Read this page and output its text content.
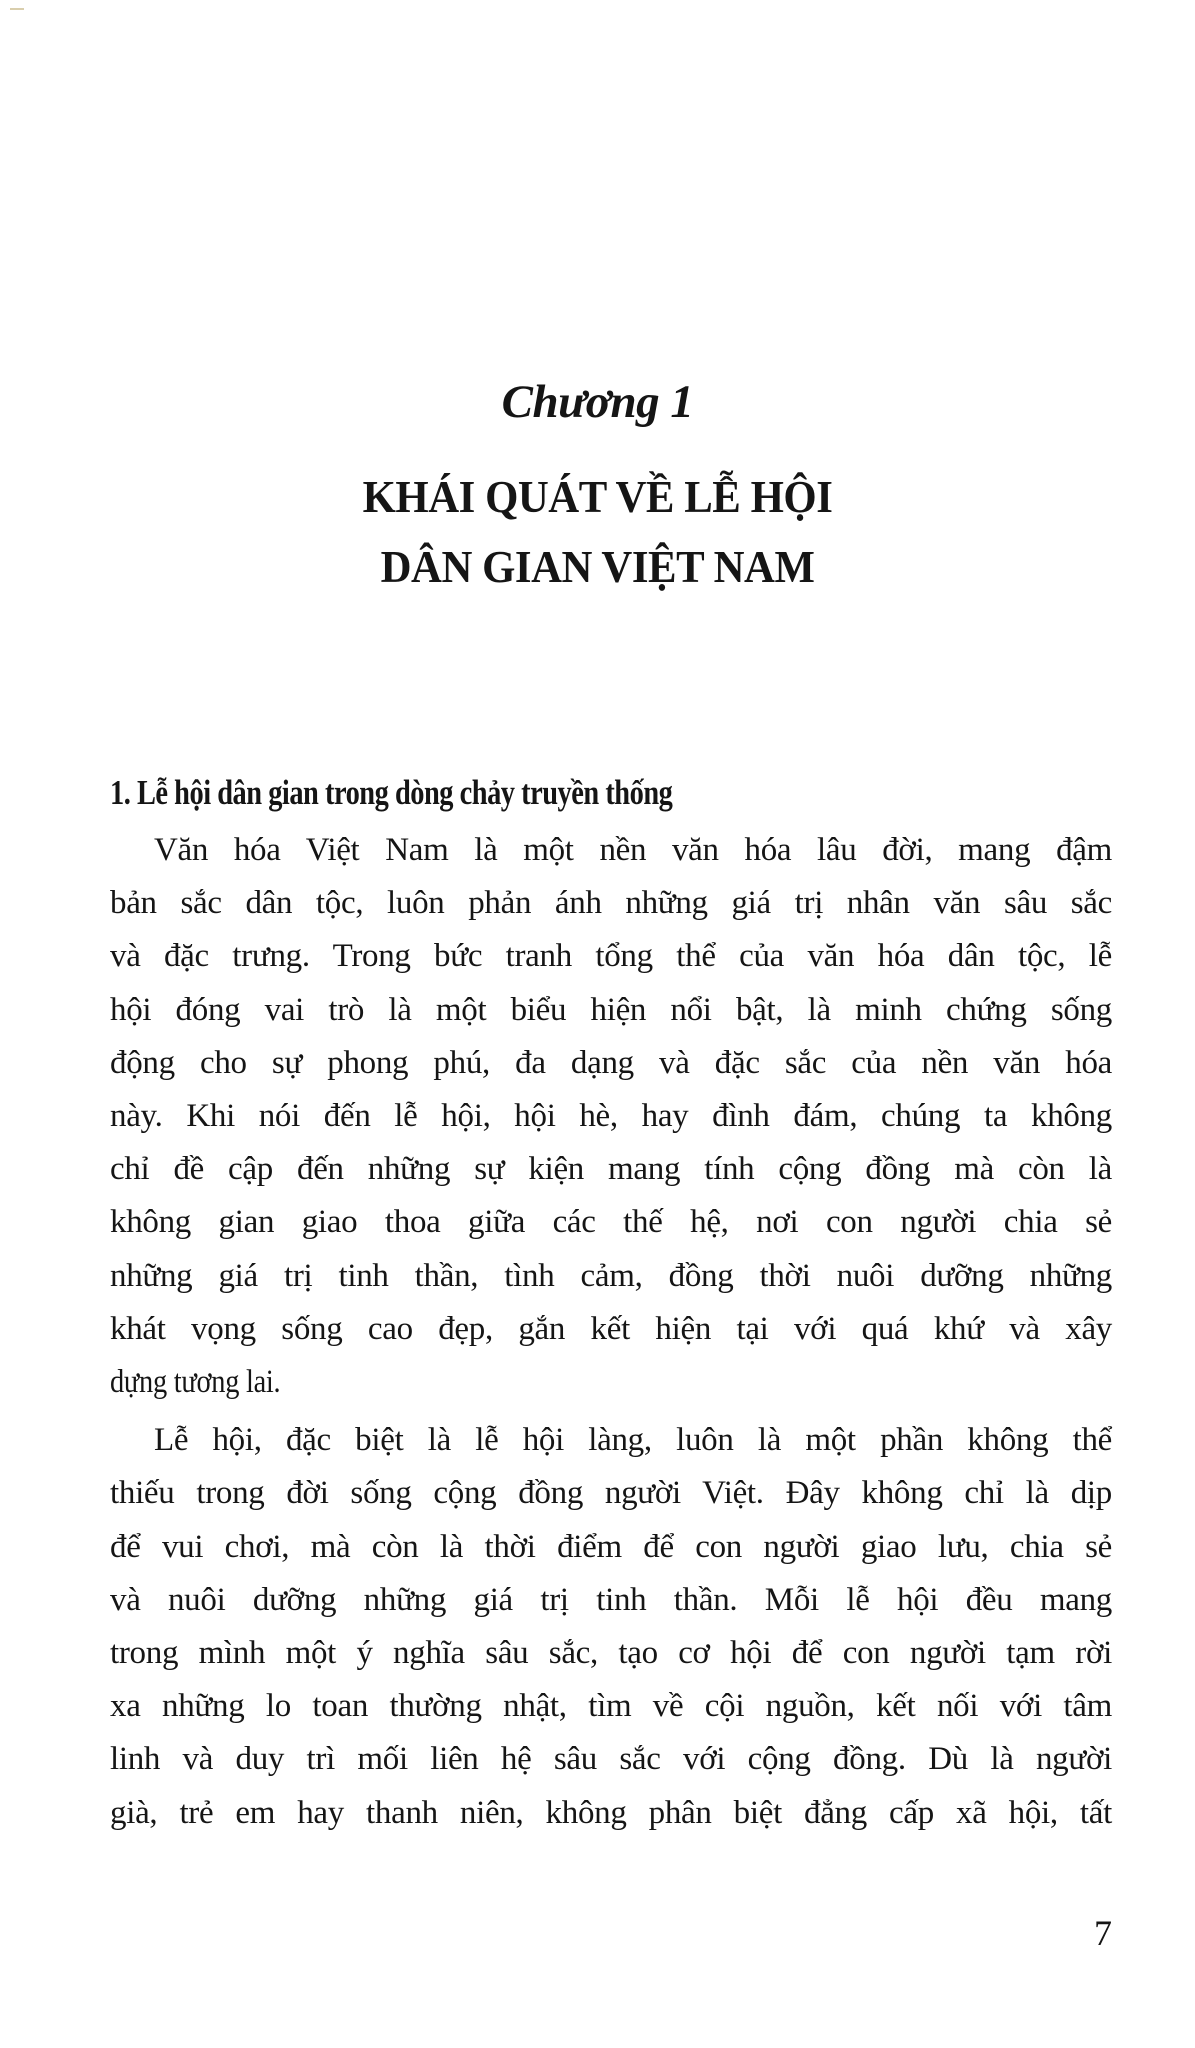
Chương 1
KHÁI QUÁT VỀ LỄ HỘI
DÂN GIAN VIỆT NAM
1. Lễ hội dân gian trong dòng chảy truyền thống

Văn hóa Việt Nam là một nền văn hóa lâu đời, mang đậm
bản sắc dân tộc, luôn phản ánh những giá trị nhân văn sâu sắc
và đặc trưng. Trong bức tranh tổng thể của văn hóa dân tộc, lễ
hội đóng vai trò là một biểu hiện nổi bật, là minh chứng sống
động cho sự phong phú, đa dạng và đặc sắc của nền văn hóa
này. Khi nói đến lễ hội, hội hè, hay đình đám, chúng ta không
chỉ đề cập đến những sự kiện mang tính cộng đồng mà còn là
không gian giao thoa giữa các thế hệ, nơi con người chia sẻ
những giá trị tinh thần, tình cảm, đồng thời nuôi dưỡng những
khát vọng sống cao đẹp, gắn kết hiện tại với quá khứ và xây
dựng tương lai.

Lễ hội, đặc biệt là lễ hội làng, luôn là một phần không thể
thiếu trong đời sống cộng đồng người Việt. Đây không chỉ là dịp
để vui chơi, mà còn là thời điểm để con người giao lưu, chia sẻ
và nuôi dưỡng những giá trị tinh thần. Mỗi lễ hội đều mang
trong mình một ý nghĩa sâu sắc, tạo cơ hội để con người tạm rời
xa những lo toan thường nhật, tìm về cội nguồn, kết nối với tâm
linh và duy trì mối liên hệ sâu sắc với cộng đồng. Dù là người
già, trẻ em hay thanh niên, không phân biệt đẳng cấp xã hội, tất

7
